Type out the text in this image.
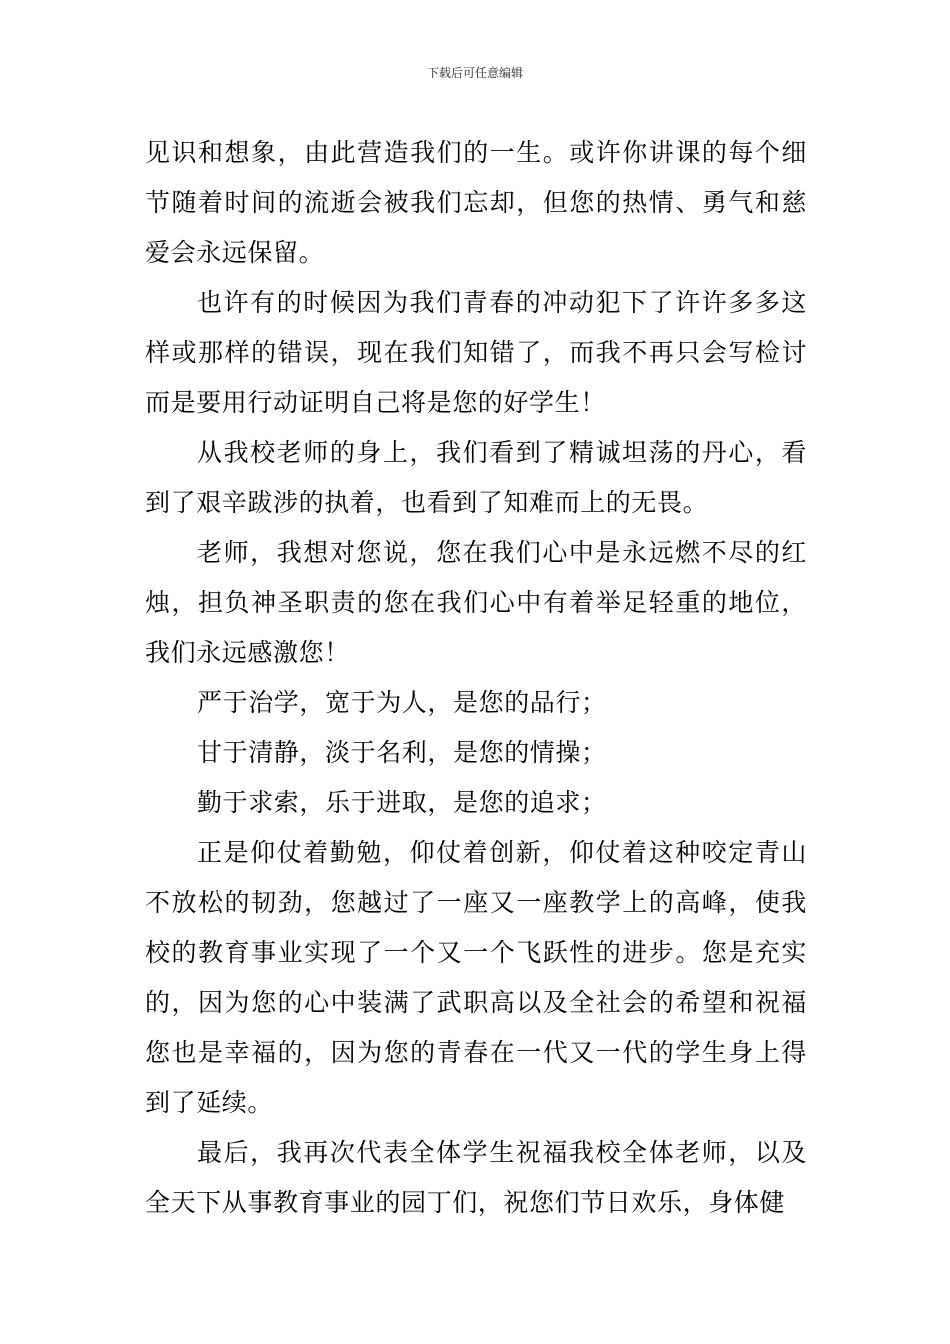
下载后可任意编辑

见识和想象，由此营造我们的一生。或许你讲课的每个细节随着时间的流逝会被我们忘却，但您的热情、勇气和慈爱会永远保留。

也许有的时候因为我们青春的冲动犯下了许许多多这样或那样的错误，现在我们知错了，而我不再只会写检讨而是要用行动证明自己将是您的好学生！

从我校老师的身上，我们看到了精诚坦荡的丹心，看到了艰辛跋涉的执着，也看到了知难而上的无畏。

老师，我想对您说，您在我们心中是永远燃不尽的红烛，担负神圣职责的您在我们心中有着举足轻重的地位，我们永远感激您！

严于治学，宽于为人，是您的品行；

甘于清静，淡于名利，是您的情操；

勤于求索，乐于进取，是您的追求；

正是仰仗着勤勉，仰仗着创新，仰仗着这种咬定青山不放松的韧劲，您越过了一座又一座教学上的高峰，使我校的教育事业实现了一个又一个飞跃性的进步。您是充实的，因为您的心中装满了武职高以及全社会的希望和祝福您也是幸福的，因为您的青春在一代又一代的学生身上得到了延续。

最后，我再次代表全体学生祝福我校全体老师，以及全天下从事教育事业的园丁们，祝您们节日欢乐，身体健
